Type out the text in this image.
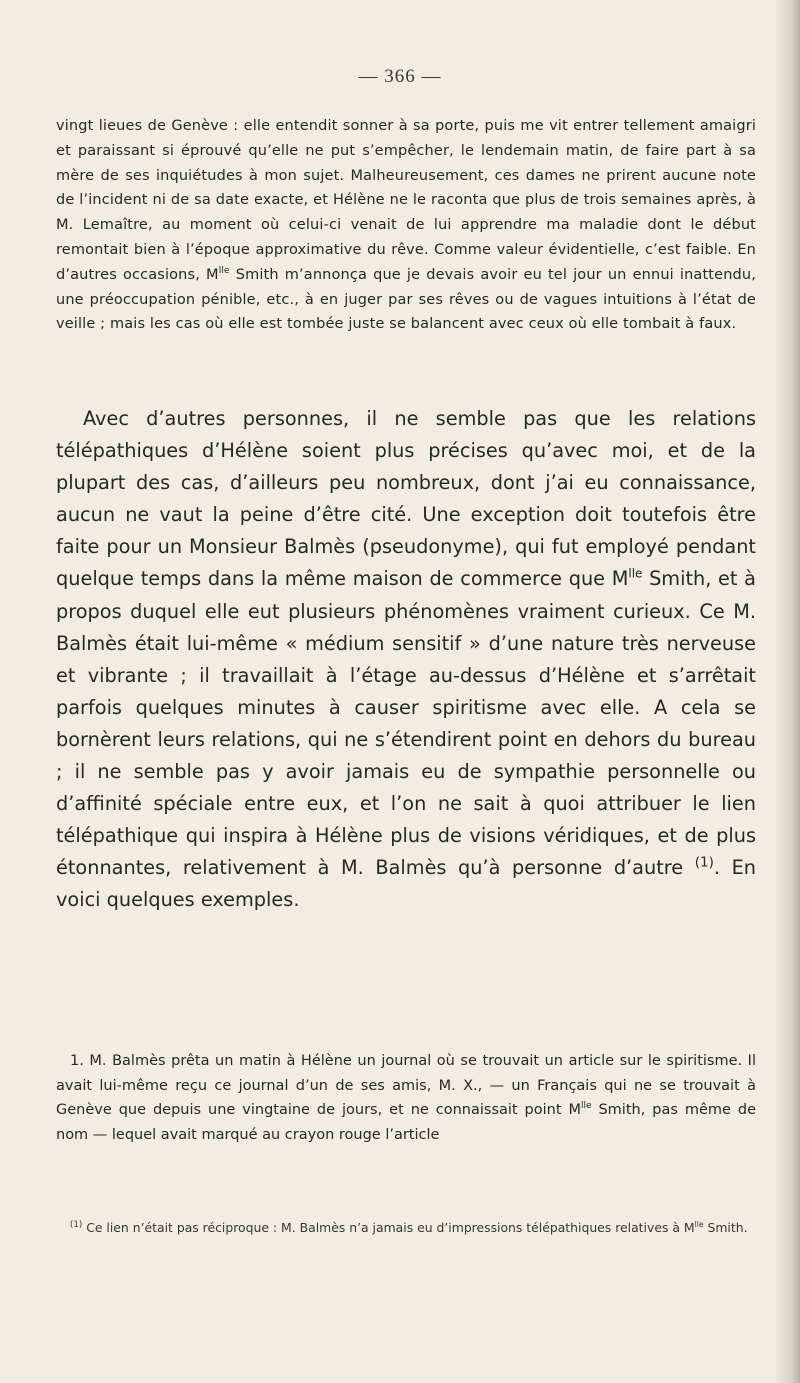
— 366 —

vingt lieues de Genève : elle entendit sonner à sa porte, puis me vit entrer tellement amaigri et paraissant si éprouvé qu’elle ne put s’empêcher, le lendemain matin, de faire part à sa mère de ses inquiétudes à mon sujet. Malheureusement, ces dames ne prirent aucune note de l’incident ni de sa date exacte, et Hélène ne le raconta que plus de trois semaines après, à M. Lemaître, au moment où celui-ci venait de lui apprendre ma maladie dont le début remontait bien à l’époque approximative du rêve. Comme valeur évidentielle, c’est faible. En d’autres occasions, $M^{lle}$ Smith m’annonça que je devais avoir eu tel jour un ennui inattendu, une préoccupation pénible, etc., à en juger par ses rêves ou de vagues intuitions à l’état de veille ; mais les cas où elle est tombée juste se balancent avec ceux où elle tombait à faux.

Avec d’autres personnes, il ne semble pas que les relations télépathiques d’Hélène soient plus précises qu’avec moi, et de la plupart des cas, d’ailleurs peu nombreux, dont j’ai eu connaissance, aucun ne vaut la peine d’être cité. Une exception doit toutefois être faite pour un Monsieur Balmès (pseudonyme), qui fut employé pendant quelque temps dans la même maison de commerce que $M^{lle}$ Smith, et à propos duquel elle eut plusieurs phénomènes vraiment curieux. Ce M. Balmès était lui-même « médium sensitif » d’une nature très nerveuse et vibrante ; il travaillait à l’étage au-dessus d’Hélène et s’arrêtait parfois quelques minutes à causer spiritisme avec elle. A cela se bornèrent leurs relations, qui ne s’étendirent point en dehors du bureau ; il ne semble pas y avoir jamais eu de sympathie personnelle ou d’affinité spéciale entre eux, et l’on ne sait à quoi attribuer le lien télépathique qui inspira à Hélène plus de visions véridiques, et de plus étonnantes, relativement à M. Balmès qu’à personne d’autre $^{(1)}$. En voici quelques exemples.

1. M. Balmès prêta un matin à Hélène un journal où se trouvait un article sur le spiritisme. Il avait lui-même reçu ce journal d’un de ses amis, M. X., — un Français qui ne se trouvait à Genève que depuis une vingtaine de jours, et ne connaissait point $M^{lle}$ Smith, pas même de nom — lequel avait marqué au crayon rouge l’article

$^{(1)}$ Ce lien n’était pas réciproque : M. Balmès n’a jamais eu d’impressions télépathiques relatives à $M^{lle}$ Smith.
